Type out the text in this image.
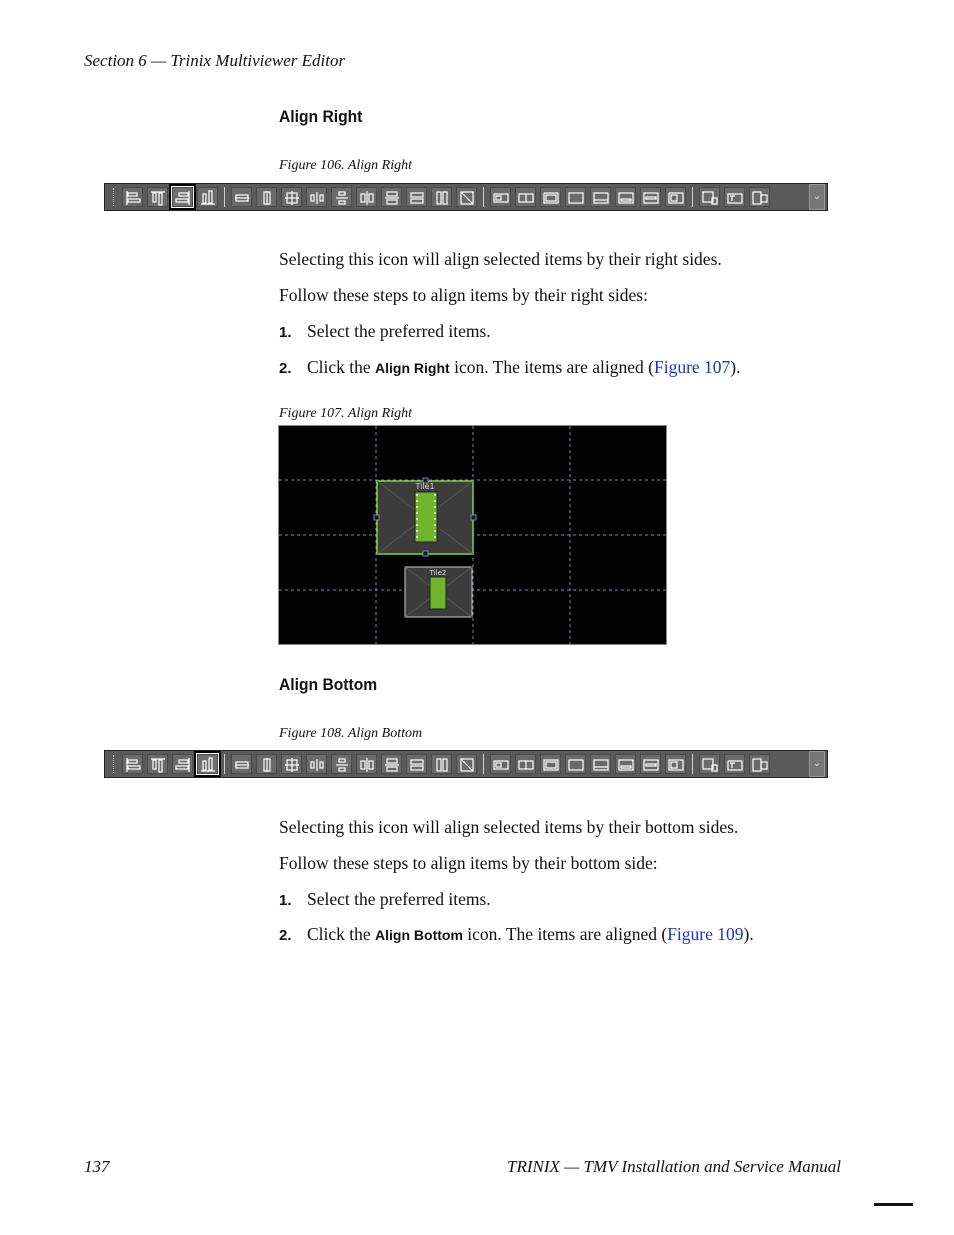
Section 6 — Trinix Multiviewer Editor
Align Right
Figure 106. Align Right
⌄
Selecting this icon will align selected items by their right sides.
Follow these steps to align items by their right sides:
1. Select the preferred items.
2. Click the Align Right icon. The items are aligned (Figure 107).
Figure 107. Align Right
Tile1
Tile2
Align Bottom
Figure 108. Align Bottom
⌄
Selecting this icon will align selected items by their bottom sides.
Follow these steps to align items by their bottom side:
1. Select the preferred items.
2. Click the Align Bottom icon. The items are aligned (Figure 109).
137	TRINIX — TMV Installation and Service Manual
